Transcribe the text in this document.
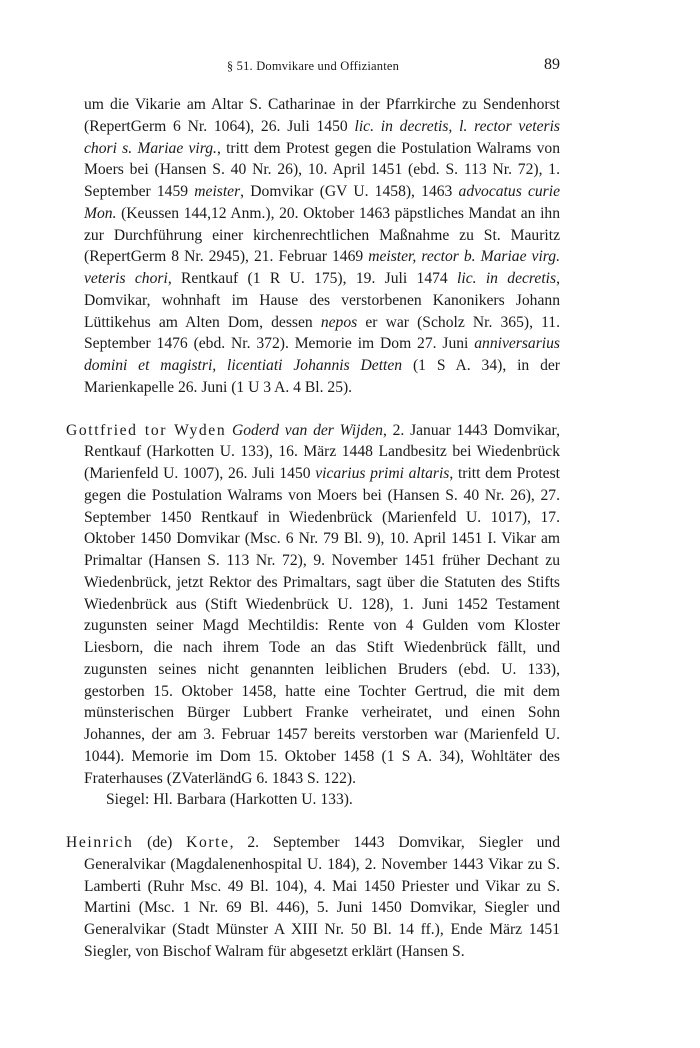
§ 51. Domvikare und Offizianten	89

um die Vikarie am Altar S. Catharinae in der Pfarrkirche zu Sendenhorst (RepertGerm 6 Nr. 1064), 26. Juli 1450 lic. in decretis, l. rector veteris chori s. Mariae virg., tritt dem Protest gegen die Postulation Walrams von Moers bei (Hansen S. 40 Nr. 26), 10. April 1451 (ebd. S. 113 Nr. 72), 1. September 1459 meister, Domvikar (GV U. 1458), 1463 advocatus curie Mon. (Keussen 144,12 Anm.), 20. Oktober 1463 päpstliches Mandat an ihn zur Durchführung einer kirchenrechtlichen Maßnahme zu St. Mauritz (RepertGerm 8 Nr. 2945), 21. Februar 1469 meister, rector b. Mariae virg. veteris chori, Rentkauf (1 R U. 175), 19. Juli 1474 lic. in decretis, Domvikar, wohnhaft im Hause des verstorbenen Kanonikers Johann Lüttikehus am Alten Dom, dessen nepos er war (Scholz Nr. 365), 11. September 1476 (ebd. Nr. 372). Memorie im Dom 27. Juni anniversarius domini et magistri, licentiati Johannis Detten (1 S A. 34), in der Marienkapelle 26. Juni (1 U 3 A. 4 Bl. 25).

Gottfried tor Wyden Goderd van der Wijden, 2. Januar 1443 Domvikar, Rentkauf (Harkotten U. 133), 16. März 1448 Landbesitz bei Wiedenbrück (Marienfeld U. 1007), 26. Juli 1450 vicarius primi altaris, tritt dem Protest gegen die Postulation Walrams von Moers bei (Hansen S. 40 Nr. 26), 27. September 1450 Rentkauf in Wiedenbrück (Marienfeld U. 1017), 17. Oktober 1450 Domvikar (Msc. 6 Nr. 79 Bl. 9), 10. April 1451 I. Vikar am Primaltar (Hansen S. 113 Nr. 72), 9. November 1451 früher Dechant zu Wiedenbrück, jetzt Rektor des Primaltars, sagt über die Statuten des Stifts Wiedenbrück aus (Stift Wiedenbrück U. 128), 1. Juni 1452 Testament zugunsten seiner Magd Mechtildis: Rente von 4 Gulden vom Kloster Liesborn, die nach ihrem Tode an das Stift Wiedenbrück fällt, und zugunsten seines nicht genannten leiblichen Bruders (ebd. U. 133), gestorben 15. Oktober 1458, hatte eine Tochter Gertrud, die mit dem münsterischen Bürger Lubbert Franke verheiratet, und einen Sohn Johannes, der am 3. Februar 1457 bereits verstorben war (Marienfeld U. 1044). Memorie im Dom 15. Oktober 1458 (1 S A. 34), Wohltäter des Fraterhauses (ZVaterländG 6. 1843 S. 122).

Siegel: Hl. Barbara (Harkotten U. 133).

Heinrich (de) Korte, 2. September 1443 Domvikar, Siegler und Generalvikar (Magdalenenhospital U. 184), 2. November 1443 Vikar zu S. Lamberti (Ruhr Msc. 49 Bl. 104), 4. Mai 1450 Priester und Vikar zu S. Martini (Msc. 1 Nr. 69 Bl. 446), 5. Juni 1450 Domvikar, Siegler und Generalvikar (Stadt Münster A XIII Nr. 50 Bl. 14 ff.), Ende März 1451 Siegler, von Bischof Walram für abgesetzt erklärt (Hansen S.
